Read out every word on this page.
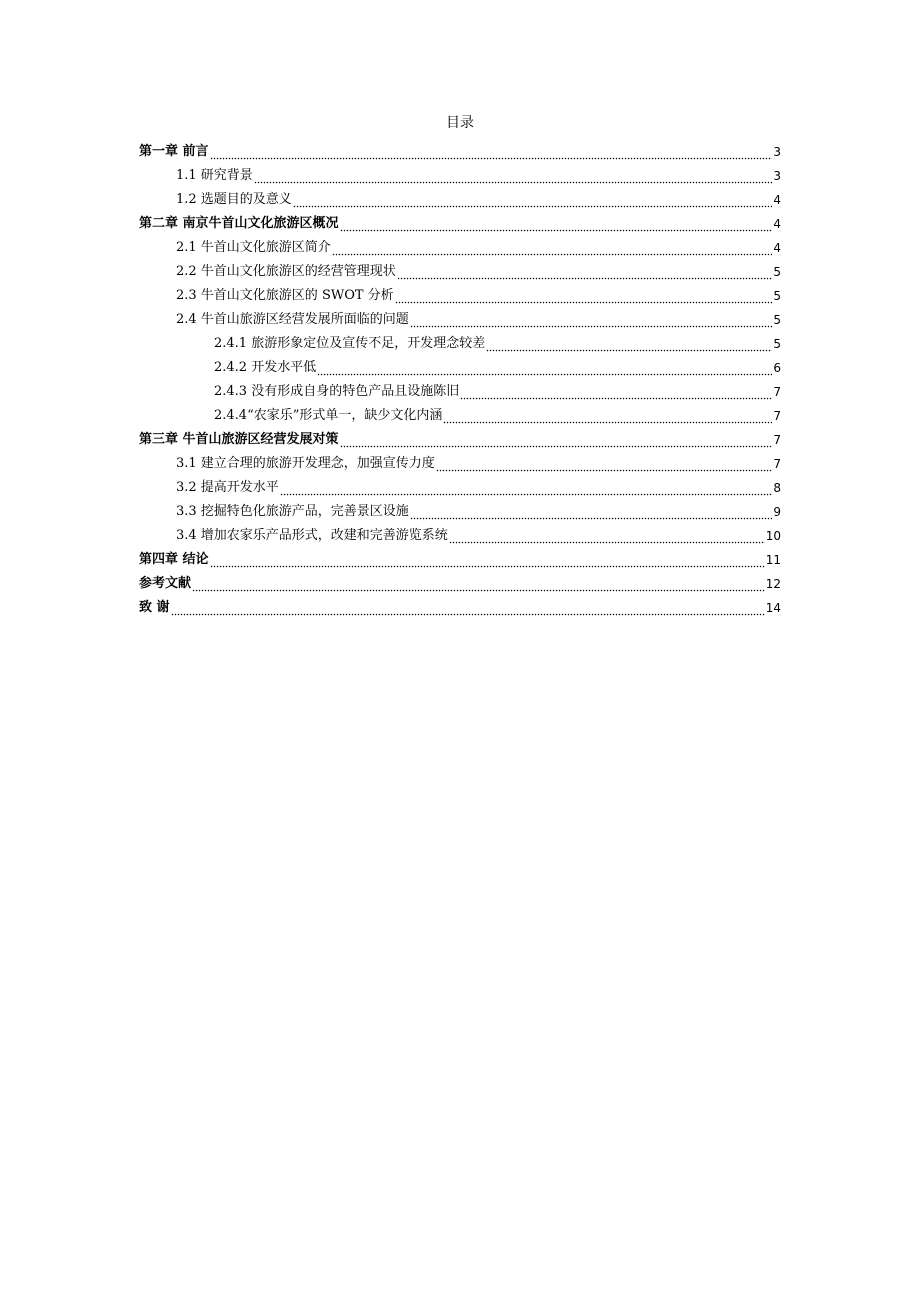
目录
第一章 前言	3
1.1 研究背景	3
1.2 选题目的及意义	4
第二章 南京牛首山文化旅游区概况	4
2.1 牛首山文化旅游区简介	4
2.2 牛首山文化旅游区的经营管理现状	5
2.3 牛首山文化旅游区的 SWOT 分析	5
2.4 牛首山旅游区经营发展所面临的问题	5
2.4.1 旅游形象定位及宣传不足，开发理念较差	5
2.4.2 开发水平低	6
2.4.3 没有形成自身的特色产品且设施陈旧	7
2.4.4“农家乐”形式单一，缺少文化内涵	7
第三章 牛首山旅游区经营发展对策	7
3.1 建立合理的旅游开发理念，加强宣传力度	7
3.2 提高开发水平	8
3.3 挖掘特色化旅游产品，完善景区设施	9
3.4 增加农家乐产品形式，改建和完善游览系统	10
第四章 结论	11
参考文献	12
致 谢	14
